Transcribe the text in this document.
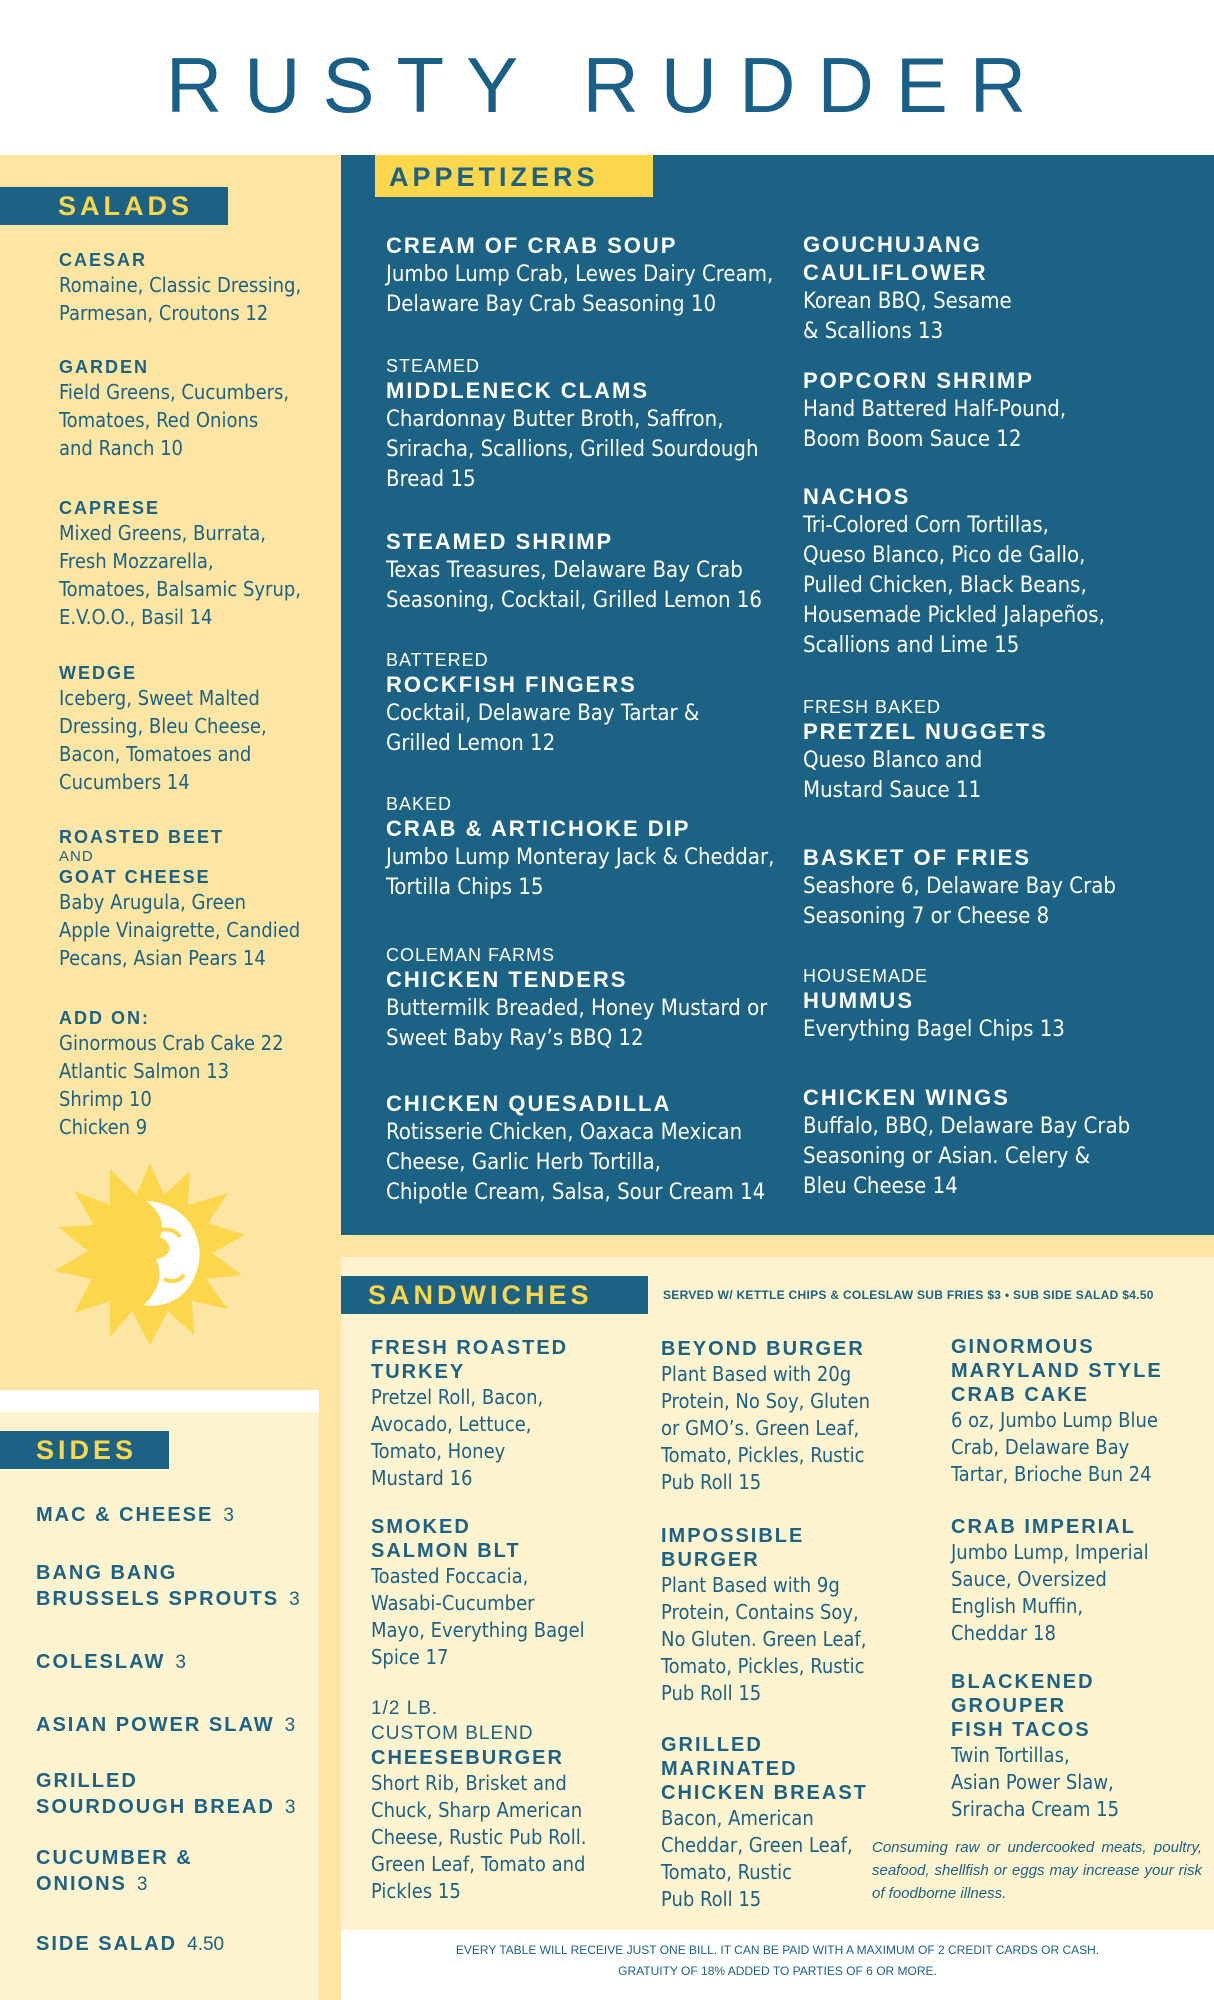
RUSTY RUDDER
SALADS
CAESAR
Romaine, Classic Dressing,
Parmesan, Croutons 12
GARDEN
Field Greens, Cucumbers,
Tomatoes, Red Onions
and Ranch 10
CAPRESE
Mixed Greens, Burrata,
Fresh Mozzarella,
Tomatoes, Balsamic Syrup,
E.V.O.O., Basil 14
WEDGE
Iceberg, Sweet Malted
Dressing, Bleu Cheese,
Bacon, Tomatoes and
Cucumbers 14
ROASTED BEET
AND
GOAT CHEESE
Baby Arugula, Green
Apple Vinaigrette, Candied
Pecans, Asian Pears 14
ADD ON:
Ginormous Crab Cake 22
Atlantic Salmon 13
Shrimp 10
Chicken 9
SIDES
MAC & CHEESE 3
BANG BANG
BRUSSELS SPROUTS 3
COLESLAW 3
ASIAN POWER SLAW 3
GRILLED
SOURDOUGH BREAD 3
CUCUMBER &
ONIONS 3
SIDE SALAD 4.50
APPETIZERS
CREAM OF CRAB SOUP
Jumbo Lump Crab, Lewes Dairy Cream,
Delaware Bay Crab Seasoning 10
STEAMED
MIDDLENECK CLAMS
Chardonnay Butter Broth, Saffron,
Sriracha, Scallions, Grilled Sourdough
Bread 15
STEAMED SHRIMP
Texas Treasures, Delaware Bay Crab
Seasoning, Cocktail, Grilled Lemon 16
BATTERED
ROCKFISH FINGERS
Cocktail, Delaware Bay Tartar &
Grilled Lemon 12
BAKED
CRAB & ARTICHOKE DIP
Jumbo Lump Monteray Jack & Cheddar,
Tortilla Chips 15
COLEMAN FARMS
CHICKEN TENDERS
Buttermilk Breaded, Honey Mustard or
Sweet Baby Ray’s BBQ 12
CHICKEN QUESADILLA
Rotisserie Chicken, Oaxaca Mexican
Cheese, Garlic Herb Tortilla,
Chipotle Cream, Salsa, Sour Cream 14
GOUCHUJANG
CAULIFLOWER
Korean BBQ, Sesame
& Scallions 13
POPCORN SHRIMP
Hand Battered Half-Pound,
Boom Boom Sauce 12
NACHOS
Tri-Colored Corn Tortillas,
Queso Blanco, Pico de Gallo,
Pulled Chicken, Black Beans,
Housemade Pickled Jalapeños,
Scallions and Lime 15
FRESH BAKED
PRETZEL NUGGETS
Queso Blanco and
Mustard Sauce 11
BASKET OF FRIES
Seashore 6, Delaware Bay Crab
Seasoning 7 or Cheese 8
HOUSEMADE
HUMMUS
Everything Bagel Chips 13
CHICKEN WINGS
Buffalo, BBQ, Delaware Bay Crab
Seasoning or Asian. Celery &
Bleu Cheese 14
SANDWICHES	SERVED W/ KETTLE CHIPS & COLESLAW SUB FRIES $3 • SUB SIDE SALAD $4.50
FRESH ROASTED
TURKEY
Pretzel Roll, Bacon,
Avocado, Lettuce,
Tomato, Honey
Mustard 16
SMOKED
SALMON BLT
Toasted Foccacia,
Wasabi-Cucumber
Mayo, Everything Bagel
Spice 17
1/2 LB.
CUSTOM BLEND
CHEESEBURGER
Short Rib, Brisket and
Chuck, Sharp American
Cheese, Rustic Pub Roll.
Green Leaf, Tomato and
Pickles 15
BEYOND BURGER
Plant Based with 20g
Protein, No Soy, Gluten
or GMO’s. Green Leaf,
Tomato, Pickles, Rustic
Pub Roll 15
IMPOSSIBLE
BURGER
Plant Based with 9g
Protein, Contains Soy,
No Gluten. Green Leaf,
Tomato, Pickles, Rustic
Pub Roll 15
GRILLED
MARINATED
CHICKEN BREAST
Bacon, American
Cheddar, Green Leaf,
Tomato, Rustic
Pub Roll 15
GINORMOUS
MARYLAND STYLE
CRAB CAKE
6 oz, Jumbo Lump Blue
Crab, Delaware Bay
Tartar, Brioche Bun 24
CRAB IMPERIAL
Jumbo Lump, Imperial
Sauce, Oversized
English Muffin,
Cheddar 18
BLACKENED
GROUPER
FISH TACOS
Twin Tortillas,
Asian Power Slaw,
Sriracha Cream 15
Consuming raw or undercooked meats, poultry, seafood, shellfish or eggs may increase your risk of foodborne illness.
EVERY TABLE WILL RECEIVE JUST ONE BILL. IT CAN BE PAID WITH A MAXIMUM OF 2 CREDIT CARDS OR CASH.
GRATUITY OF 18% ADDED TO PARTIES OF 6 OR MORE.
